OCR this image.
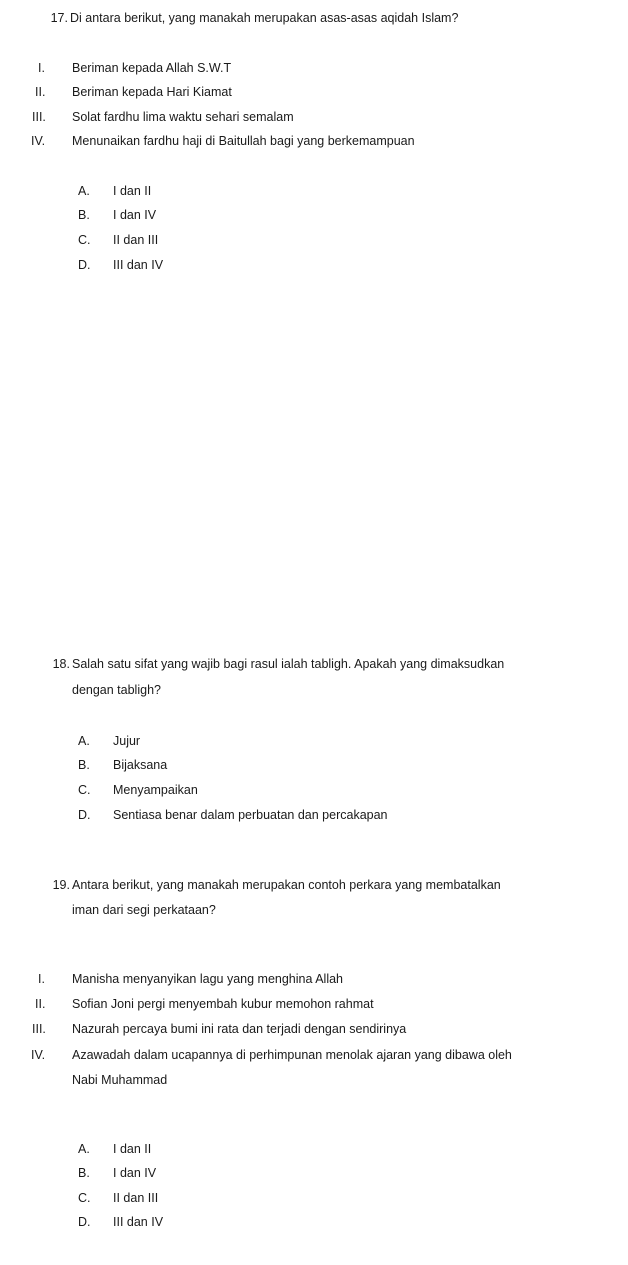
17. Di antara berikut, yang manakah merupakan asas-asas aqidah Islam?
I.	Beriman kepada Allah S.W.T
II.	Beriman kepada Hari Kiamat
III.	Solat fardhu lima waktu sehari semalam
IV.	Menunaikan fardhu haji di Baitullah bagi yang berkemampuan
A. I dan II
B. I dan IV
C. II dan III
D. III dan IV
18. Salah satu sifat yang wajib bagi rasul ialah tabligh. Apakah yang dimaksudkan
dengan tabligh?
A. Jujur
B. Bijaksana
C. Menyampaikan
D. Sentiasa benar dalam perbuatan dan percakapan
19. Antara berikut, yang manakah merupakan contoh perkara yang membatalkan
iman dari segi perkataan?
I.	Manisha menyanyikan lagu yang menghina Allah
II.	Sofian Joni pergi menyembah kubur memohon rahmat
III.	Nazurah percaya bumi ini rata dan terjadi dengan sendirinya
IV.	Azawadah dalam ucapannya di perhimpunan menolak ajaran yang dibawa oleh
Nabi Muhammad
A. I dan II
B. I dan IV
C. II dan III
D. III dan IV
